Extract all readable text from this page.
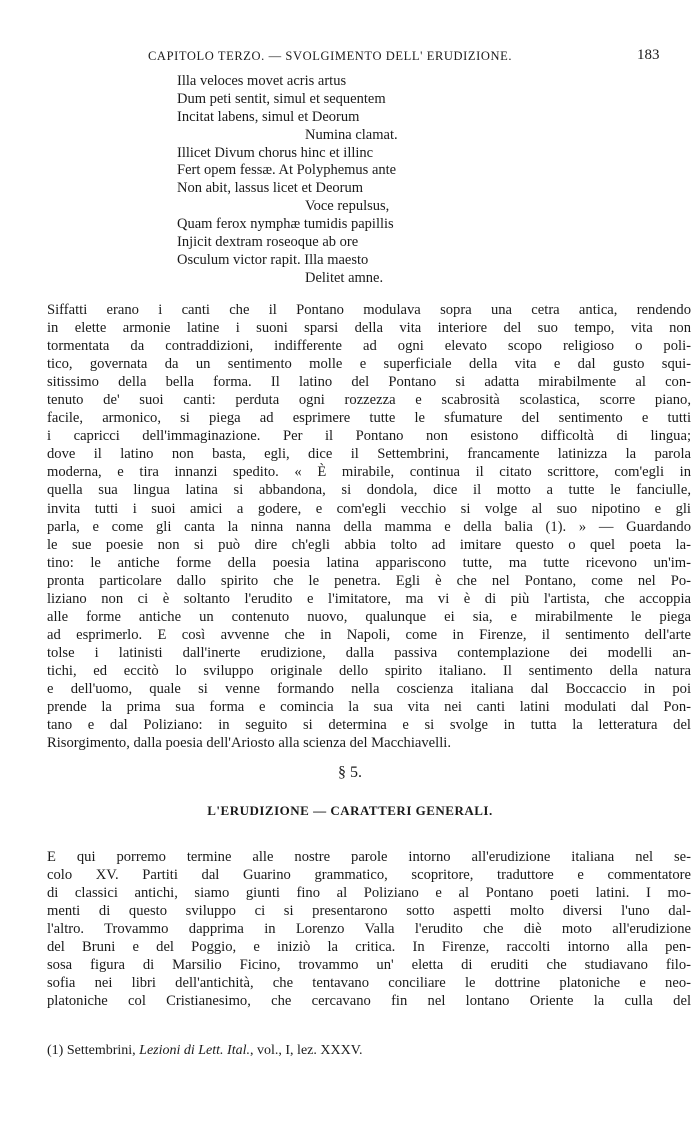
CAPITOLO TERZO. — SVOLGIMENTO DELL' ERUDIZIONE.	183
Illa veloces movet acris artus
Dum peti sentit, simul et sequentem
Incitat labens, simul et Deorum
Numina clamat.
Illicet Divum chorus hinc et illinc
Fert opem fessæ. At Polyphemus ante
Non abit, lassus licet et Deorum
Voce repulsus,
Quam ferox nymphæ tumidis papillis
Injicit dextram roseoque ab ore
Osculum victor rapit. Illa maesto
Delitet amne.
Siffatti erano i canti che il Pontano modulava sopra una cetra antica, rendendo
in elette armonie latine i suoni sparsi della vita interiore del suo tempo, vita non
tormentata da contraddizioni, indifferente ad ogni elevato scopo religioso o poli-
tico, governata da un sentimento molle e superficiale della vita e dal gusto squi-
sitissimo della bella forma. Il latino del Pontano si adatta mirabilmente al con-
tenuto de' suoi canti: perduta ogni rozzezza e scabrosità scolastica, scorre piano,
facile, armonico, si piega ad esprimere tutte le sfumature del sentimento e tutti
i capricci dell'immaginazione. Per il Pontano non esistono difficoltà di lingua;
dove il latino non basta, egli, dice il Settembrini, francamente latinizza la parola
moderna, e tira innanzi spedito. « È mirabile, continua il citato scrittore, com'egli in
quella sua lingua latina si abbandona, si dondola, dice il motto a tutte le fanciulle,
invita tutti i suoi amici a godere, e com'egli vecchio si volge al suo nipotino e gli
parla, e come gli canta la ninna nanna della mamma e della balia (1). » — Guardando
le sue poesie non si può dire ch'egli abbia tolto ad imitare questo o quel poeta la-
tino: le antiche forme della poesia latina appariscono tutte, ma tutte ricevono un'im-
pronta particolare dallo spirito che le penetra. Egli è che nel Pontano, come nel Po-
liziano non ci è soltanto l'erudito e l'imitatore, ma vi è di più l'artista, che accoppia
alle forme antiche un contenuto nuovo, qualunque ei sia, e mirabilmente le piega
ad esprimerlo. E così avvenne che in Napoli, come in Firenze, il sentimento dell'arte
tolse i latinisti dall'inerte erudizione, dalla passiva contemplazione dei modelli an-
tichi, ed eccitò lo sviluppo originale dello spirito italiano. Il sentimento della natura
e dell'uomo, quale si venne formando nella coscienza italiana dal Boccaccio in poi
prende la prima sua forma e comincia la sua vita nei canti latini modulati dal Pon-
tano e dal Poliziano: in seguito si determina e si svolge in tutta la letteratura del
Risorgimento, dalla poesia dell'Ariosto alla scienza del Macchiavelli.
§ 5.
L'ERUDIZIONE — CARATTERI GENERALI.
E qui porremo termine alle nostre parole intorno all'erudizione italiana nel se-
colo XV. Partiti dal Guarino grammatico, scopritore, traduttore e commentatore
di classici antichi, siamo giunti fino al Poliziano e al Pontano poeti latini. I mo-
menti di questo sviluppo ci si presentarono sotto aspetti molto diversi l'uno dal-
l'altro. Trovammo dapprima in Lorenzo Valla l'erudito che diè moto all'erudizione
del Bruni e del Poggio, e iniziò la critica. In Firenze, raccolti intorno alla pen-
sosa figura di Marsilio Ficino, trovammo un' eletta di eruditi che studiavano filo-
sofia nei libri dell'antichità, che tentavano conciliare le dottrine platoniche e neo-
platoniche col Cristianesimo, che cercavano fin nel lontano Oriente la culla del
(1) Settembrini, Lezioni di Lett. Ital., vol., I, lez. XXXV.
